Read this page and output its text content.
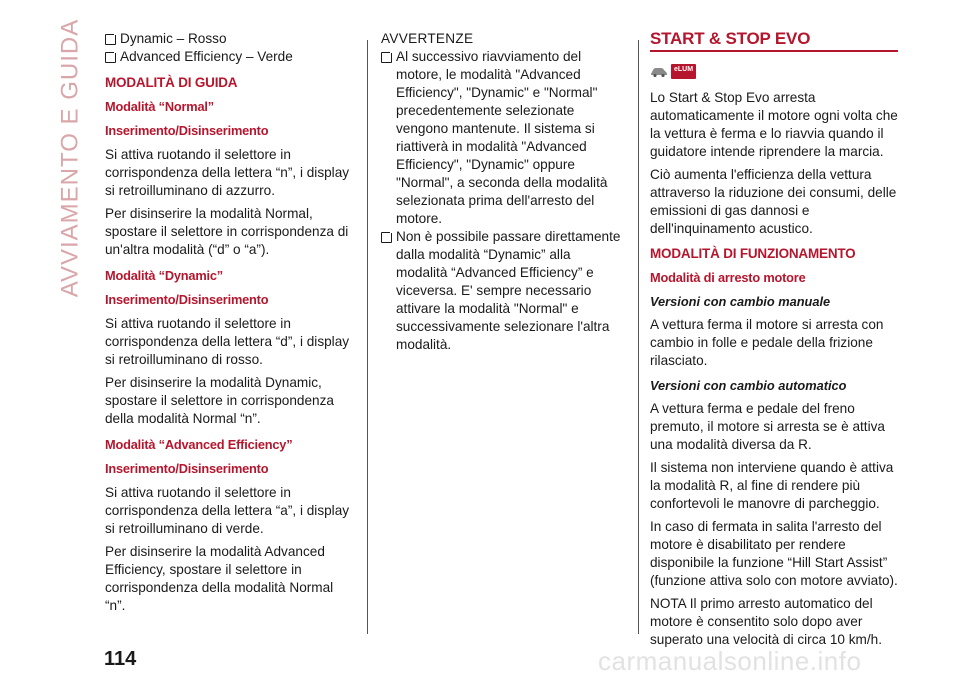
AVVIAMENTO E GUIDA	Dynamic – Rosso
Advanced Efficiency – Verde
MODALITÀ DI GUIDA
Modalità “Normal”
Inserimento/Disinserimento

Si attiva ruotando il selettore in corrispondenza della lettera “n”, i display si retroilluminano di azzurro.

Per disinserire la modalità Normal, spostare il selettore in corrispondenza di un'altra modalità (“d” o “a”).

Modalità “Dynamic”
Inserimento/Disinserimento

Si attiva ruotando il selettore in corrispondenza della lettera “d”, i display si retroilluminano di rosso.

Per disinserire la modalità Dynamic, spostare il selettore in corrispondenza della modalità Normal “n”.

Modalità “Advanced Efficiency”
Inserimento/Disinserimento

Si attiva ruotando il selettore in corrispondenza della lettera “a”, i display si retroilluminano di verde.

Per disinserire la modalità Advanced Efficiency, spostare il selettore in corrispondenza della modalità Normal “n”.

AVVERTENZE

Al successivo riavviamento del motore, le modalità "Advanced Efficiency", "Dynamic" e "Normal" precedentemente selezionate vengono mantenute. Il sistema si riattiverà in modalità "Advanced Efficiency", "Dynamic" oppure "Normal", a seconda della modalità selezionata prima dell'arresto del motore.
Non è possibile passare direttamente dalla modalità “Dynamic” alla modalità “Advanced Efficiency” e viceversa. E' sempre necessario attivare la modalità "Normal" e successivamente selezionare l'altra modalità.
START & STOP EVO
eLUM

Lo Start & Stop Evo arresta automaticamente il motore ogni volta che la vettura è ferma e lo riavvia quando il guidatore intende riprendere la marcia.

Ciò aumenta l'efficienza della vettura attraverso la riduzione dei consumi, delle emissioni di gas dannosi e dell'inquinamento acustico.

MODALITÀ DI FUNZIONAMENTO
Modalità di arresto motore
Versioni con cambio manuale

A vettura ferma il motore si arresta con cambio in folle e pedale della frizione rilasciato.

Versioni con cambio automatico

A vettura ferma e pedale del freno premuto, il motore si arresta se è attiva una modalità diversa da R.

Il sistema non interviene quando è attiva la modalità R, al fine di rendere più confortevoli le manovre di parcheggio.

In caso di fermata in salita l'arresto del motore è disabilitato per rendere disponibile la funzione “Hill Start Assist” (funzione attiva solo con motore avviato).

NOTA Il primo arresto automatico del motore è consentito solo dopo aver superato una velocità di circa 10 km/h.

114	carmanualsonline.info
